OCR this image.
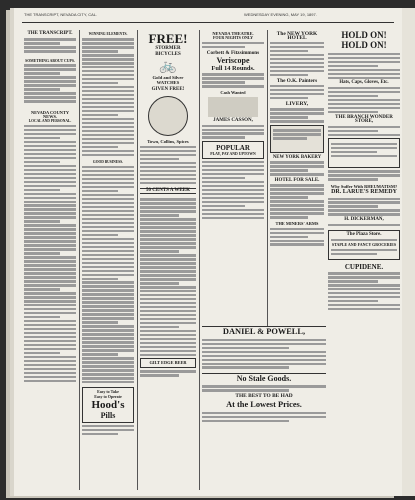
THE TRANSCRIPT, NEVADA CITY, CAL.	WEDNESDAY EVENING, MAY 19, 1897.
THE TRANSCRIPT.
SOMETHING ABOUT CUPS.
NEVADA COUNTY NEWS.
LOCAL AND PERSONAL.
WINNING ELEMENTS.
GOOD BUSINESS.
Easy to Take
Easy to Operate
Hood's
Pills
FREE!
STORMER
BICYCLES
🚲
Gold and Silver
WATCHES
GIVEN FREE!
Town, Collins, Spices
50 CENTS A WEEK
GILT EDGE BEER
NEVADA THEATRE.
FOUR NIGHTS ONLY
Corbett & Fitzsimmons
Veriscope
Full 14 Rounds.
Cash Wanted
JAMES CASSON,
POPULAR
PLAY, PAY AND UPTOWN
The NEW YORK HOTEL
The O.K. Painters
LIVERY,
NEW YORK BAKERY
HOTEL FOR SALE.
THE MINERS' ARMS
HOLD ON!
HOLD ON!
Hats, Caps, Gloves, Etc.
THE BRANCH WONDER STORE,
Why Suffer With RHEUMATISM?
DR. LARUE'S REMEDY
H. DICKERMAN,
The Plaza Store.
STAPLE AND FANCY GROCERIES
CUPIDENE.
DANIEL & POWELL,
No Stale Goods.
THE BEST TO BE HAD
At the Lowest Prices.
